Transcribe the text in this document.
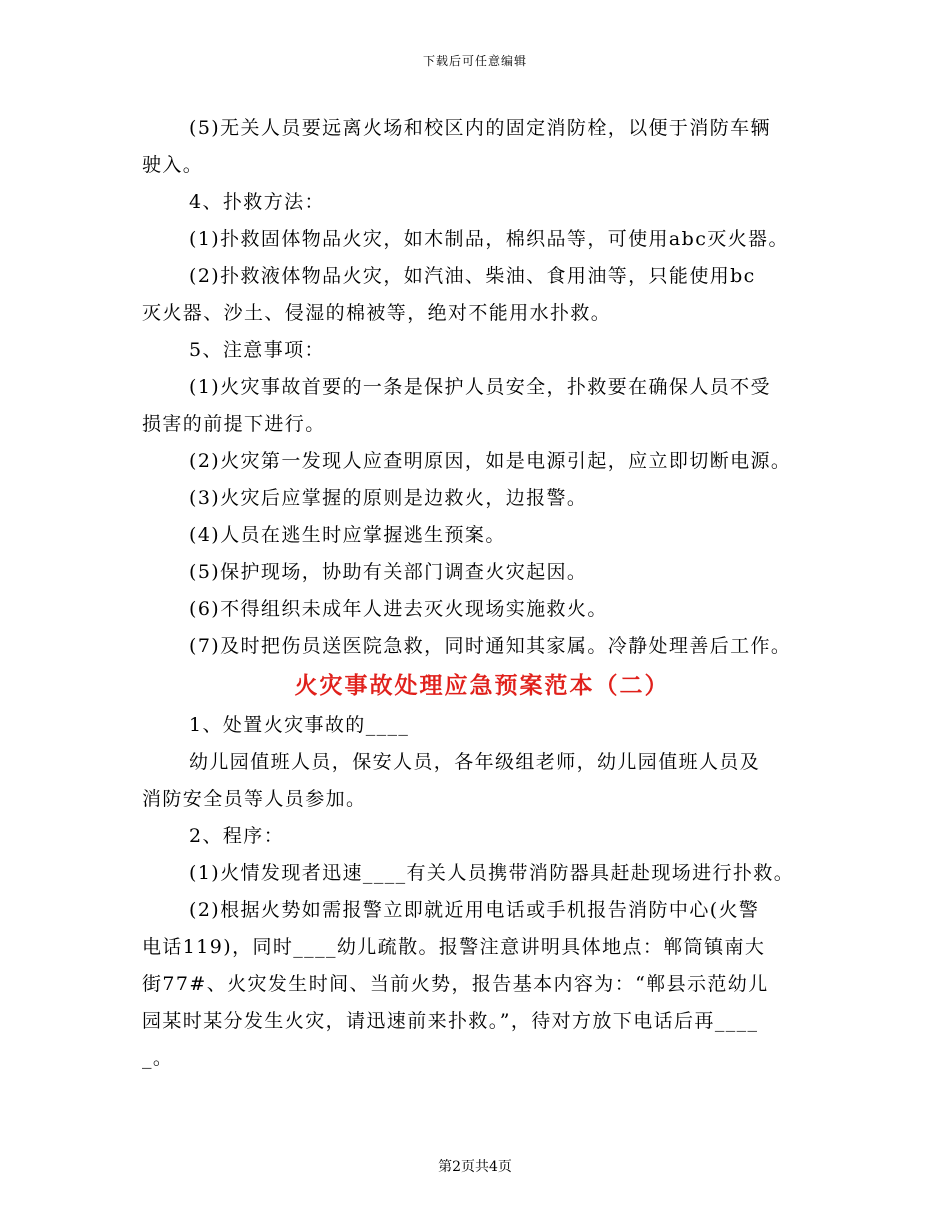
下载后可任意编辑

(5)无关人员要远离火场和校区内的固定消防栓，以便于消防车辆

驶入。

4、扑救方法：

(1)扑救固体物品火灾，如木制品，棉织品等，可使用abc灭火器。

(2)扑救液体物品火灾，如汽油、柴油、食用油等，只能使用bc

灭火器、沙土、侵湿的棉被等，绝对不能用水扑救。

5、注意事项：

(1)火灾事故首要的一条是保护人员安全，扑救要在确保人员不受

损害的前提下进行。

(2)火灾第一发现人应查明原因，如是电源引起，应立即切断电源。

(3)火灾后应掌握的原则是边救火，边报警。

(4)人员在逃生时应掌握逃生预案。

(5)保护现场，协助有关部门调查火灾起因。

(6)不得组织未成年人进去灭火现场实施救火。

(7)及时把伤员送医院急救，同时通知其家属。冷静处理善后工作。

火灾事故处理应急预案范本（二）

1、处置火灾事故的____

幼儿园值班人员，保安人员，各年级组老师，幼儿园值班人员及

消防安全员等人员参加。

2、程序：

(1)火情发现者迅速____有关人员携带消防器具赶赴现场进行扑救。

(2)根据火势如需报警立即就近用电话或手机报告消防中心(火警

电话119)，同时____幼儿疏散。报警注意讲明具体地点：郸筒镇南大

街77#、火灾发生时间、当前火势，报告基本内容为：“郸县示范幼儿

园某时某分发生火灾，请迅速前来扑救。”，待对方放下电话后再____

_。

第2页共4页
